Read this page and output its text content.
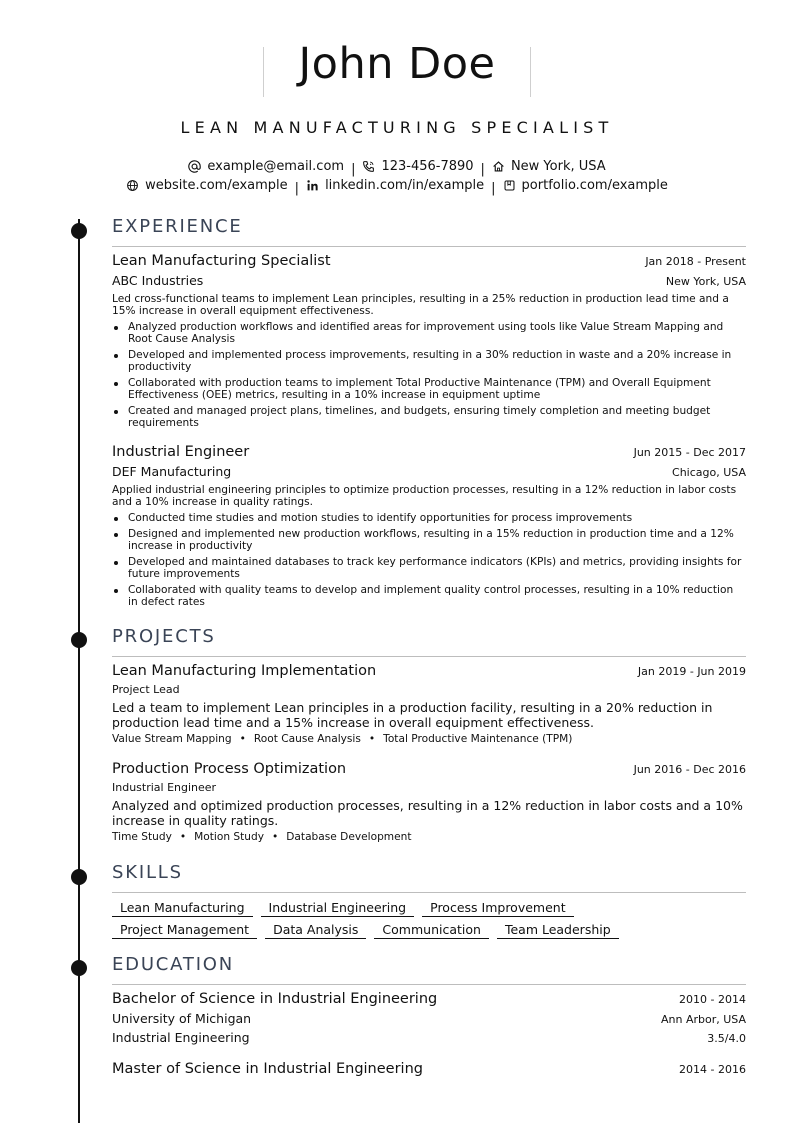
John Doe
LEAN MANUFACTURING SPECIALIST
example@email.com | 123-456-7890 | New York, USA
website.com/example | linkedin.com/in/example | portfolio.com/example
EXPERIENCE
Lean Manufacturing Specialist	Jan 2018 - Present
ABC Industries	New York, USA
Led cross-functional teams to implement Lean principles, resulting in a 25% reduction in production lead time and a 15% increase in overall equipment effectiveness.
Analyzed production workflows and identified areas for improvement using tools like Value Stream Mapping and Root Cause Analysis
Developed and implemented process improvements, resulting in a 30% reduction in waste and a 20% increase in productivity
Collaborated with production teams to implement Total Productive Maintenance (TPM) and Overall Equipment Effectiveness (OEE) metrics, resulting in a 10% increase in equipment uptime
Created and managed project plans, timelines, and budgets, ensuring timely completion and meeting budget requirements
Industrial Engineer	Jun 2015 - Dec 2017
DEF Manufacturing	Chicago, USA
Applied industrial engineering principles to optimize production processes, resulting in a 12% reduction in labor costs and a 10% increase in quality ratings.
Conducted time studies and motion studies to identify opportunities for process improvements
Designed and implemented new production workflows, resulting in a 15% reduction in production time and a 12% increase in productivity
Developed and maintained databases to track key performance indicators (KPIs) and metrics, providing insights for future improvements
Collaborated with quality teams to develop and implement quality control processes, resulting in a 10% reduction in defect rates
PROJECTS
Lean Manufacturing Implementation	Jan 2019 - Jun 2019
Project Lead
Led a team to implement Lean principles in a production facility, resulting in a 20% reduction in production lead time and a 15% increase in overall equipment effectiveness.
Value Stream Mapping • Root Cause Analysis • Total Productive Maintenance (TPM)
Production Process Optimization	Jun 2016 - Dec 2016
Industrial Engineer
Analyzed and optimized production processes, resulting in a 12% reduction in labor costs and a 10% increase in quality ratings.
Time Study • Motion Study • Database Development
SKILLS
Lean Manufacturing	Industrial Engineering	Process Improvement
Project Management	Data Analysis	Communication	Team Leadership
EDUCATION
Bachelor of Science in Industrial Engineering	2010 - 2014
University of Michigan	Ann Arbor, USA
Industrial Engineering	3.5/4.0
Master of Science in Industrial Engineering	2014 - 2016
